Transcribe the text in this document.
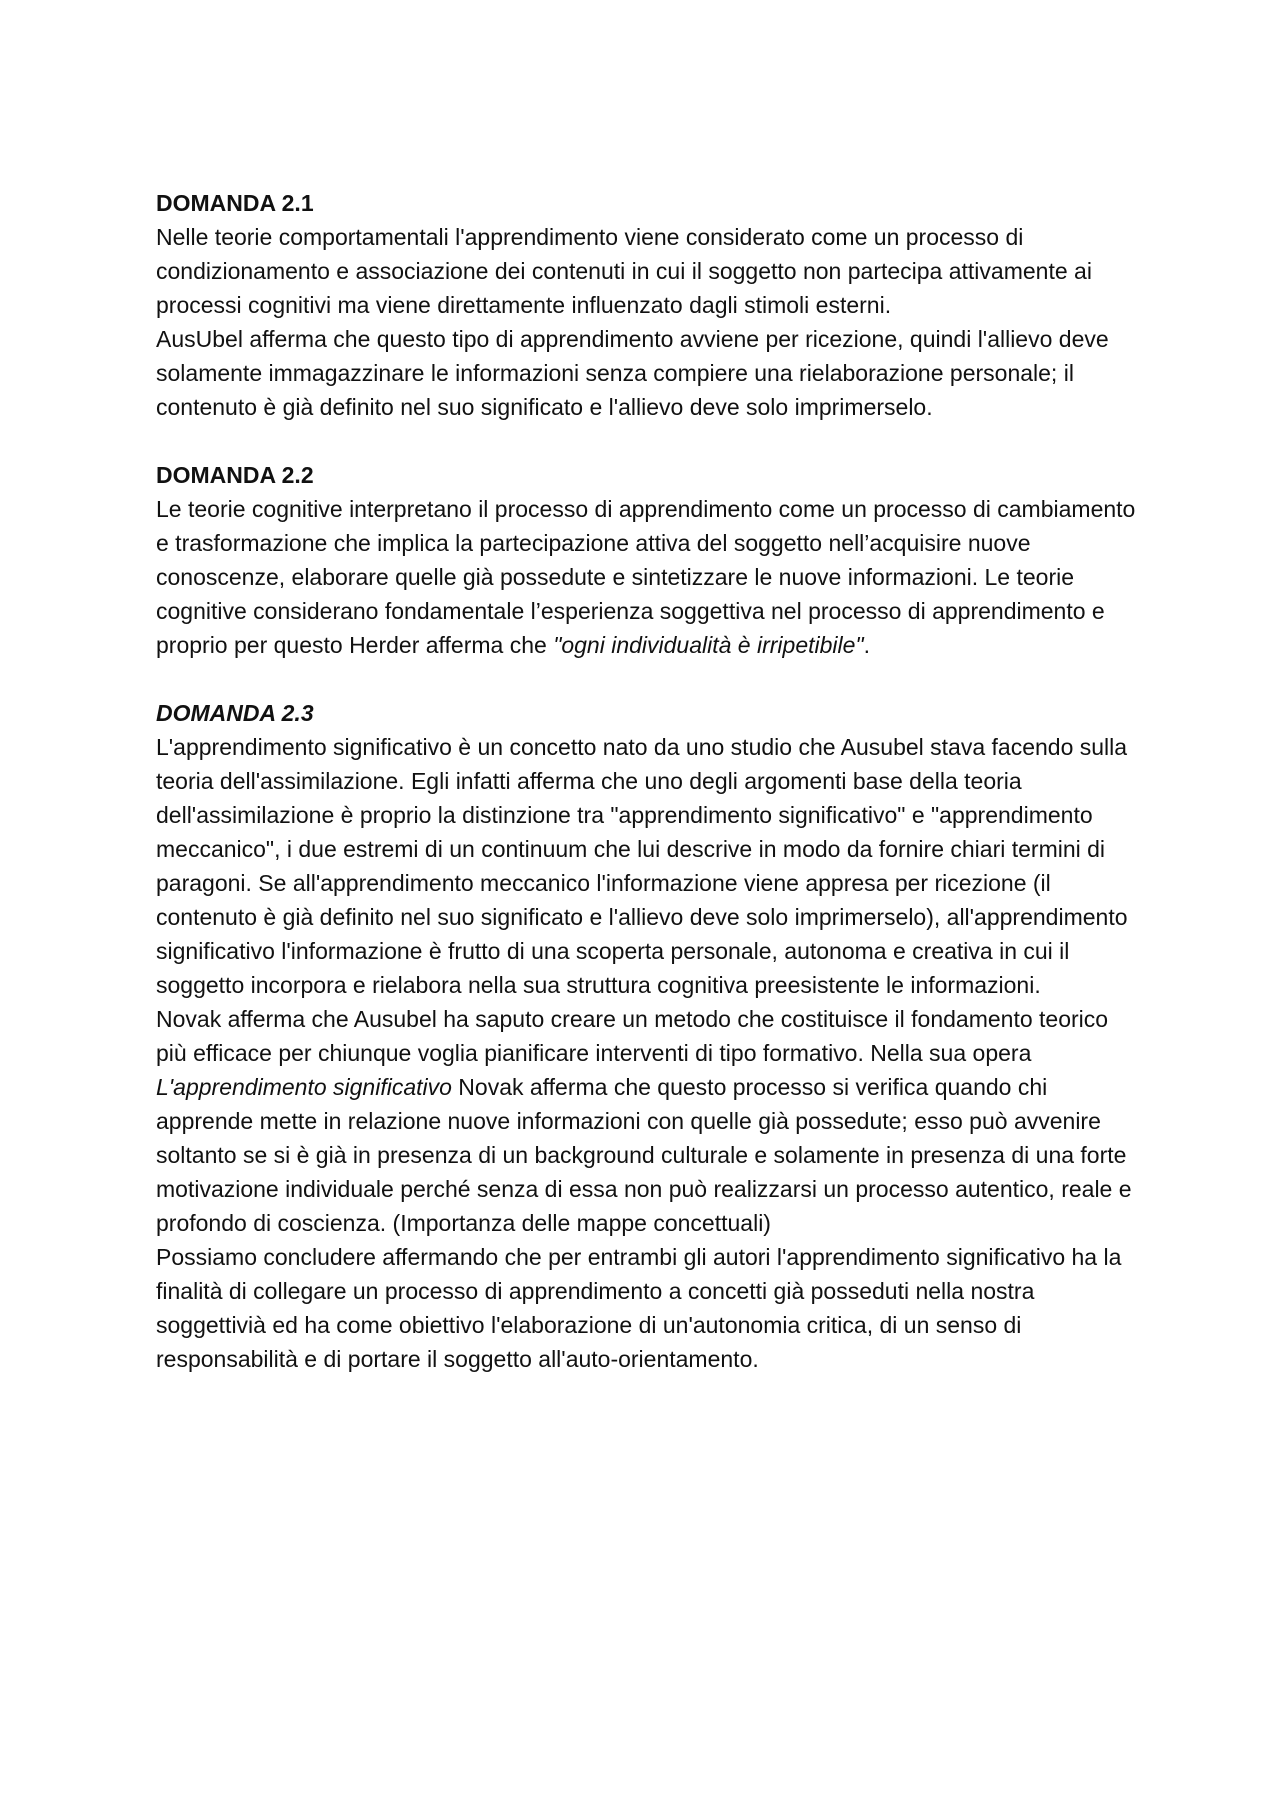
DOMANDA 2.1

Nelle teorie comportamentali l'apprendimento viene considerato come un processo di condizionamento e associazione dei contenuti in cui il soggetto non partecipa attivamente ai processi cognitivi ma viene direttamente influenzato dagli stimoli esterni.

AusUbel afferma che questo tipo di apprendimento avviene per ricezione, quindi l'allievo deve solamente immagazzinare le informazioni senza compiere una rielaborazione personale; il contenuto è già definito nel suo significato e l'allievo deve solo imprimerselo.

DOMANDA 2.2

Le teorie cognitive interpretano il processo di apprendimento come un processo di cambiamento e trasformazione che implica la partecipazione attiva del soggetto nell’acquisire nuove conoscenze, elaborare quelle già possedute e sintetizzare le nuove informazioni. Le teorie cognitive considerano fondamentale l’esperienza soggettiva nel processo di apprendimento e proprio per questo Herder afferma che "ogni individualità è irripetibile".

DOMANDA 2.3

L'apprendimento significativo è un concetto nato da uno studio che Ausubel stava facendo sulla teoria dell'assimilazione. Egli infatti afferma che uno degli argomenti base della teoria dell'assimilazione è proprio la distinzione tra "apprendimento significativo" e "apprendimento meccanico", i due estremi di un continuum che lui descrive in modo da fornire chiari termini di paragoni. Se all'apprendimento meccanico l'informazione viene appresa per ricezione (il contenuto è già definito nel suo significato e l'allievo deve solo imprimerselo), all'apprendimento significativo l'informazione è frutto di una scoperta personale, autonoma e creativa in cui il soggetto incorpora e rielabora nella sua struttura cognitiva preesistente le informazioni.

Novak afferma che Ausubel ha saputo creare un metodo che costituisce il fondamento teorico più efficace per chiunque voglia pianificare interventi di tipo formativo. Nella sua opera L'apprendimento significativo Novak afferma che questo processo si verifica quando chi apprende mette in relazione nuove informazioni con quelle già possedute; esso può avvenire soltanto se si è già in presenza di un background culturale e solamente in presenza di una forte motivazione individuale perché senza di essa non può realizzarsi un processo autentico, reale e profondo di coscienza. (Importanza delle mappe concettuali)

Possiamo concludere affermando che per entrambi gli autori l'apprendimento significativo ha la finalità di collegare un processo di apprendimento a concetti già posseduti nella nostra soggettivià ed ha come obiettivo l'elaborazione di un'autonomia critica, di un senso di responsabilità e di portare il soggetto all'auto-orientamento.
